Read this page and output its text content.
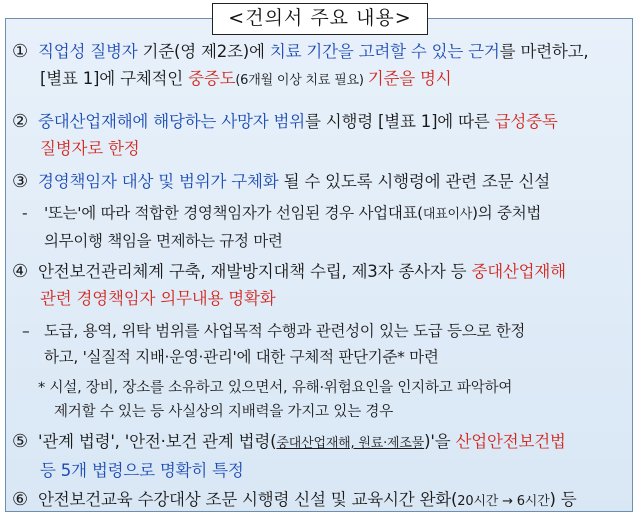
<건의서 주요 내용>
① 직업성 질병자 기준(영 제2조)에 치료 기간을 고려할 수 있는 근거를 마련하고,
[별표 1]에 구체적인 중증도(6개월 이상 치료 필요) 기준을 명시
② 중대산업재해에 해당하는 사망자 범위를 시행령 [별표 1]에 따른 급성중독
질병자로 한정
③ 경영책임자 대상 및 범위가 구체화 될 수 있도록 시행령에 관련 조문 신설
- '또는'에 따라 적합한 경영책임자가 선임된 경우 사업대표(대표이사)의 중처법
의무이행 책임을 면제하는 규정 마련
④ 안전보건관리체계 구축, 재발방지대책 수립, 제3자 종사자 등 중대산업재해
관련 경영책임자 의무내용 명확화
– 도급, 용역, 위탁 범위를 사업목적 수행과 관련성이 있는 도급 등으로 한정
하고, '실질적 지배·운영·관리'에 대한 구체적 판단기준* 마련
* 시설, 장비, 장소를 소유하고 있으면서, 유해·위험요인을 인지하고 파악하여
제거할 수 있는 등 사실상의 지배력을 가지고 있는 경우
⑤ '관계 법령', '안전·보건 관계 법령(중대산업재해, 원료·제조물)'을 산업안전보건법
등 5개 법령으로 명확히 특정
⑥ 안전보건교육 수강대상 조문 시행령 신설 및 교육시간 완화(20시간 → 6시간) 등
